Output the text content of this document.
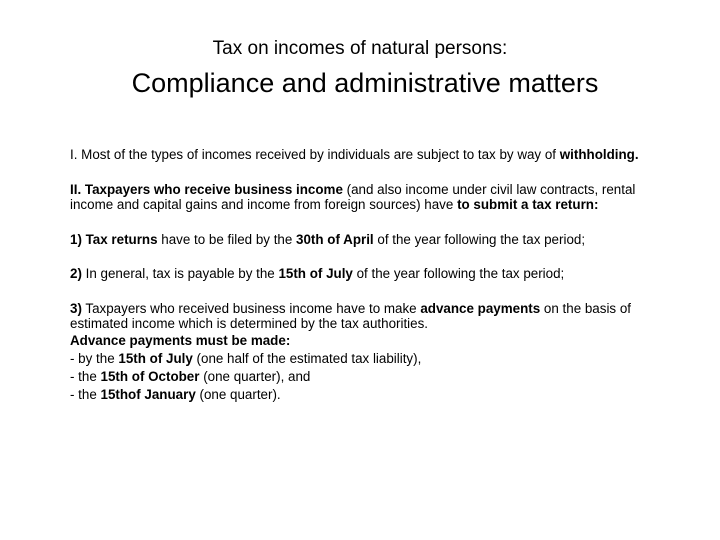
Tax on incomes of natural persons:
Compliance and administrative matters

I. Most of the types of incomes received by individuals are subject to tax by way of withholding.

II. Taxpayers who receive business income (and also income under civil law contracts, rental income and capital gains and income from foreign sources) have to submit a tax return:

1) Tax returns have to be filed by the 30th of April of the year following the tax period;

2) In general, tax is payable by the 15th of July of the year following the tax period;

3) Taxpayers who received business income have to make advance payments on the basis of estimated income which is determined by the tax authorities.

Advance payments must be made:
- by the 15th of July (one half of the estimated tax liability),
- the 15th of October (one quarter), and
- the 15thof January (one quarter).
